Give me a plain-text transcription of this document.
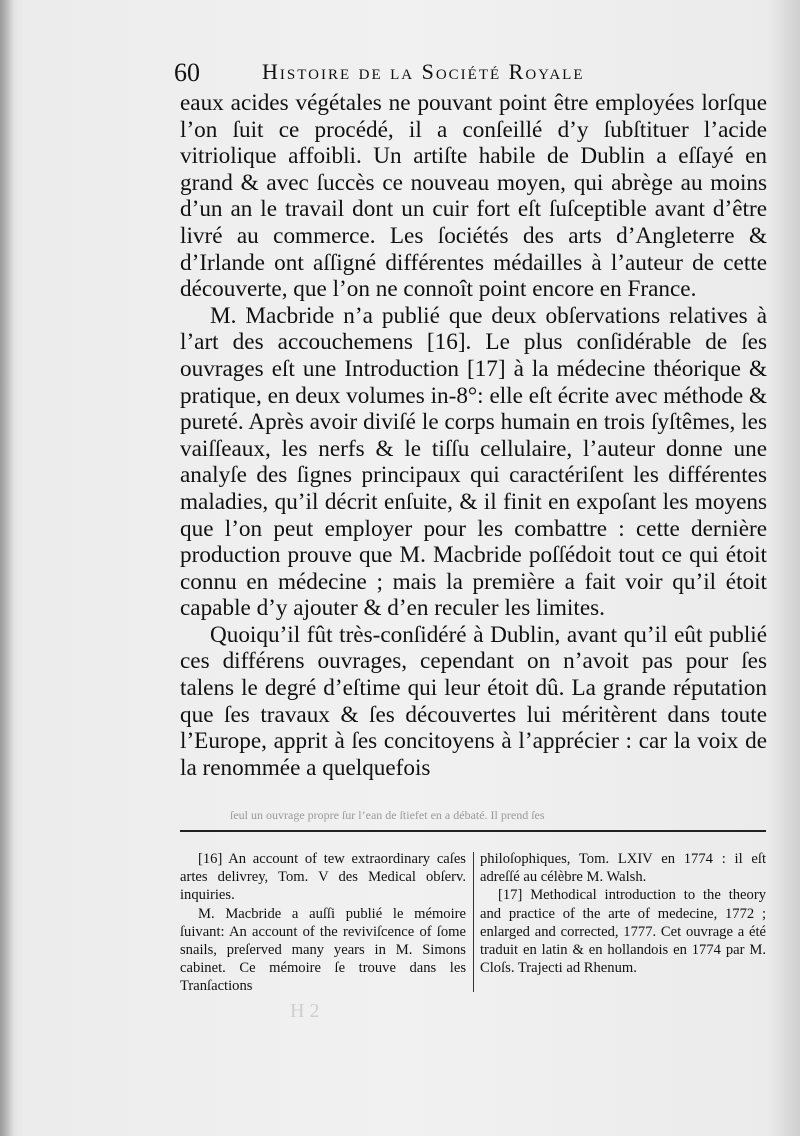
60	Histoire de la Société Royale

eaux acides végétales ne pouvant point être employées lorſque l’on ſuit ce procédé, il a conſeillé d’y ſubſtituer l’acide vitriolique affoibli. Un artiſte habile de Dublin a eſſayé en grand & avec ſuccès ce nouveau moyen, qui abrège au moins d’un an le travail dont un cuir fort eſt ſuſceptible avant d’être livré au commerce. Les ſociétés des arts d’Angleterre & d’Irlande ont aſſigné différentes médailles à l’auteur de cette découverte, que l’on ne connoît point encore en France.

M. Macbride n’a publié que deux obſervations relatives à l’art des accouchemens [16]. Le plus conſidérable de ſes ouvrages eſt une Introduction [17] à la médecine théorique & pratique, en deux volumes in-8°: elle eſt écrite avec méthode & pureté. Après avoir diviſé le corps humain en trois ſyſtêmes, les vaiſſeaux, les nerfs & le tiſſu cellulaire, l’auteur donne une analyſe des ſignes principaux qui caractériſent les différentes maladies, qu’il décrit enſuite, & il finit en expoſant les moyens que l’on peut employer pour les combattre : cette dernière production prouve que M. Macbride poſſédoit tout ce qui étoit connu en médecine ; mais la première a fait voir qu’il étoit capable d’y ajouter & d’en reculer les limites.

Quoiqu’il fût très-conſidéré à Dublin, avant qu’il eût publié ces différens ouvrages, cependant on n’avoit pas pour ſes talens le degré d’eſtime qui leur étoit dû. La grande réputation que ſes travaux & ſes découvertes lui méritèrent dans toute l’Europe, apprit à ſes concitoyens à l’apprécier : car la voix de la renommée a quelquefois

ſeul un ouvrage propre ſur l’ean de ſtiefet en a débaté. Il prend ſes

[16] An account of tew extraordinary caſes artes delivrey, Tom. V des Medical obſerv. inquiries.

M. Macbride a auſſi publié le mémoire ſuivant: An account of the reviviſcence of ſome snails, preſerved many years in M. Simons cabinet. Ce mémoire ſe trouve dans les Tranſactions

philoſophiques, Tom. LXIV en 1774 : il eſt adreſſé au célèbre M. Walsh.

[17] Methodical introduction to the theory and practice of the arte of medecine, 1772 ; enlarged and corrected, 1777. Cet ouvrage a été traduit en latin & en hollandois en 1774 par M. Cloſs. Trajecti ad Rhenum.

H 2
